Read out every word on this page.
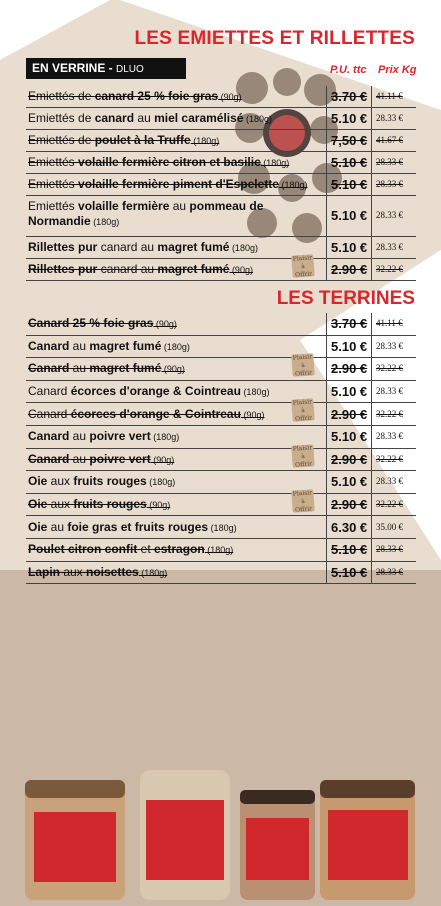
LES EMIETTES ET RILLETTES
EN VERRINE - DLUO	P.U. ttc Prix Kg
Emiettés de canard 25 % foie gras (90g)	3.70 € 41.11 €
Emiettés de canard au miel caramélisé (180g)	5.10 € 28.33 €
Emiettés de poulet à la Truffe (180g)	7,50 € 41.67 €
Emiettés volaille fermière citron et basilic (180g)	5.10 € 28.33 €
Emiettés volaille fermière piment d'Espelette (180g)	5.10 € 28.33 €
Emiettés volaille fermière au pommeau de Normandie (180g)	5.10 € 28.33 €
Rillettes pur canard au magret fumé (180g)	5.10 € 28.33 €
Rillettes pur canard au magret fumé (90g)	2.90 € 32.22 €
Plaisir à Offrir
LES TERRINES
Canard 25 % foie gras (90g)	3.70 € 41.11 €
Canard au magret fumé (180g)	5.10 € 28.33 €
Canard au magret fumé (90g)	2.90 € 32.22 €
Plaisir à Offrir
Canard écorces d'orange & Cointreau (180g)	5.10 € 28.33 €
Canard écorces d'orange & Cointreau (90g)	2.90 € 32.22 €
Plaisir à Offrir
Canard au poivre vert (180g)	5.10 € 28.33 €
Canard au poivre vert (90g)	2.90 € 32.22 €
Plaisir à Offrir
Oie aux fruits rouges (180g)	5.10 € 28.33 €
Oie aux fruits rouges (90g)	2.90 € 32.22 €
Plaisir à Offrir
Oie au foie gras et fruits rouges (180g)	6.30 € 35.00 €
Poulet citron confit et estragon (180g)	5.10 € 28.33 €
Lapin aux noisettes (180g)	5.10 € 28.33 €
